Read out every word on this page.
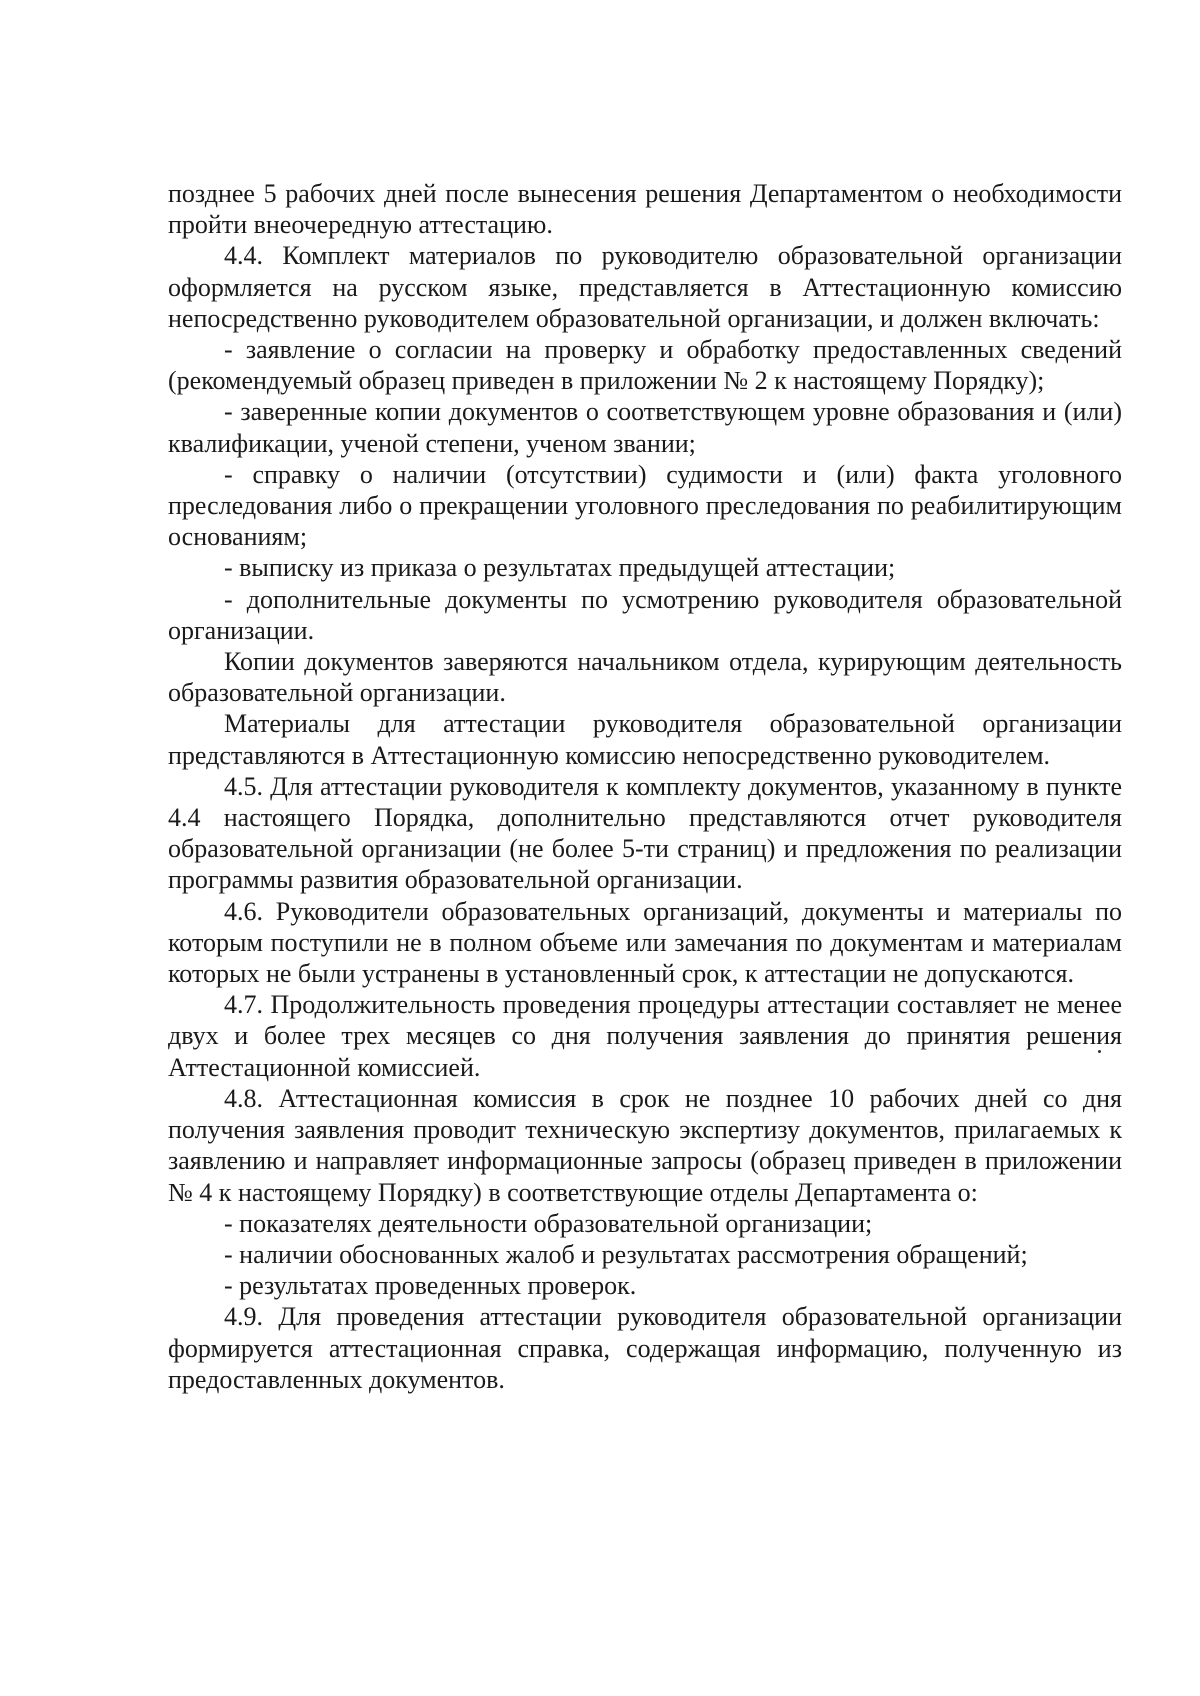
позднее 5 рабочих дней после вынесения решения Департаментом о необходимости пройти внеочередную аттестацию.

4.4. Комплект материалов по руководителю образовательной организации оформляется на русском языке, представляется в Аттестационную комиссию непосредственно руководителем образовательной организации, и должен включать:

- заявление о согласии на проверку и обработку предоставленных сведений (рекомендуемый образец приведен в приложении № 2 к настоящему Порядку);

- заверенные копии документов о соответствующем уровне образования и (или) квалификации, ученой степени, ученом звании;

- справку о наличии (отсутствии) судимости и (или) факта уголовного преследования либо о прекращении уголовного преследования по реабилитирующим основаниям;

- выписку из приказа о результатах предыдущей аттестации;

- дополнительные документы по усмотрению руководителя образовательной организации.

Копии документов заверяются начальником отдела, курирующим деятельность образовательной организации.

Материалы для аттестации руководителя образовательной организации представляются в Аттестационную комиссию непосредственно руководителем.

4.5. Для аттестации руководителя к комплекту документов, указанному в пункте 4.4 настоящего Порядка, дополнительно представляются отчет руководителя образовательной организации (не более 5-ти страниц) и предложения по реализации программы развития образовательной организации.

4.6. Руководители образовательных организаций, документы и материалы по которым поступили не в полном объеме или замечания по документам и материалам которых не были устранены в установленный срок, к аттестации не допускаются.

4.7. Продолжительность проведения процедуры аттестации составляет не менее двух и более трех месяцев со дня получения заявления до принятия решения Аттестационной комиссией.

4.8. Аттестационная комиссия в срок не позднее 10 рабочих дней со дня получения заявления проводит техническую экспертизу документов, прилагаемых к заявлению и направляет информационные запросы (образец приведен в приложении № 4 к настоящему Порядку) в соответствующие отделы Департамента о:

- показателях деятельности образовательной организации;

- наличии обоснованных жалоб и результатах рассмотрения обращений;

- результатах проведенных проверок.

4.9. Для проведения аттестации руководителя образовательной организации формируется аттестационная справка, содержащая информацию, полученную из предоставленных документов.
